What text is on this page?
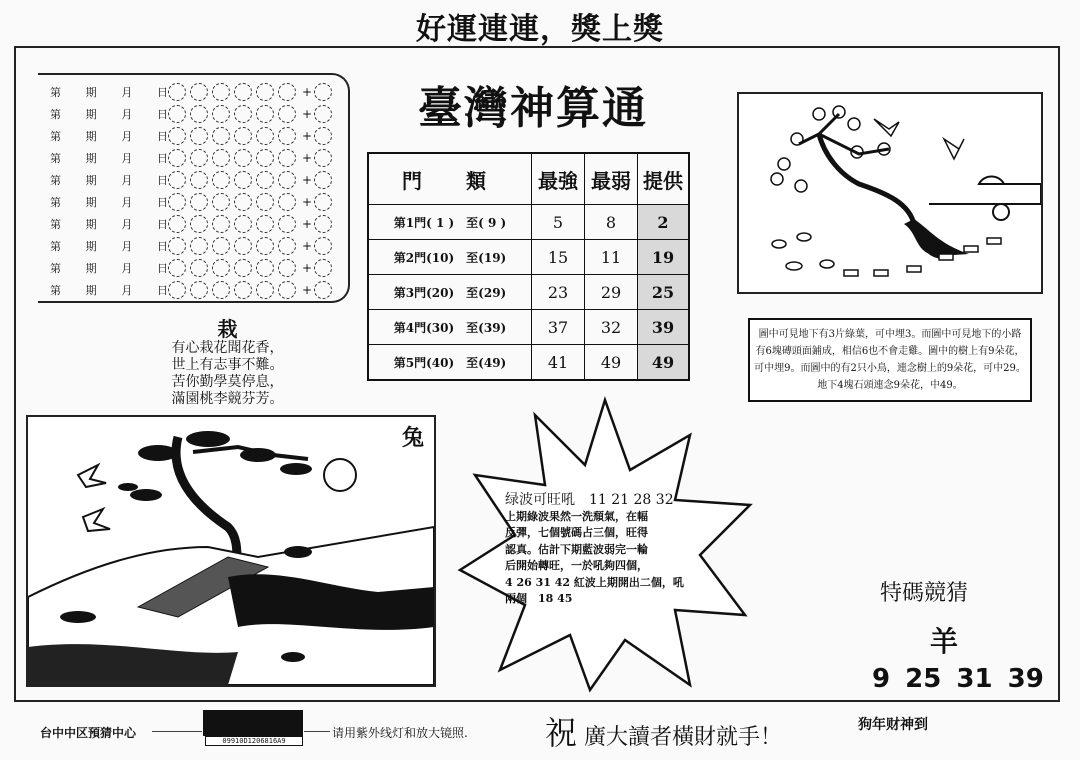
好運連連，獎上獎
第 期 月 日	+
第 期 月 日	+
第 期 月 日	+
第 期 月 日	+
第 期 月 日	+
第 期 月 日	+
第 期 月 日	+
第 期 月 日	+
第 期 月 日	+
第 期 月 日	+
臺灣神算通
門　類	最強	最弱	提供
第1門( 1 )　至( 9 )	5	8	2
第2門(10)　至(19)	15	11	19
第3門(20)　至(29)	23	29	25
第4門(30)　至(39)	37	32	39
第5門(40)　至(49)	41	49	49
栽
有心栽花聞花香，
世上有志事不難。
苦你勤學莫停息，
滿園桃李競芬芳。
兔
圖中可見地下有3片綠葉，可中埋3。而圖中可見地下的小路有6塊磚頭面鋪成，相信6也不會走雞。圖中的樹上有9朵花，可中埋9。而圖中的有2只小鳥，連念樹上的9朵花，可中29。地下4塊石頭連念9朵花，中49。
绿波可旺吼　11 21 28 32
上期綠波果然一洗頹氣，在幅
反彈，七個號碼占三個，旺得
認真。估計下期藍波弱完一輪
后開始轉旺，一於吼夠四個，
4 26 31 42 紅波上期開出二個，吼
兩個　18 45	特碼競猜
羊
9 25 31 39
台中中区預猜中心
09910D1206816A9
请用紫外线灯和放大镜照. 祝 廣大讀者橫財就手！	狗年财神到
